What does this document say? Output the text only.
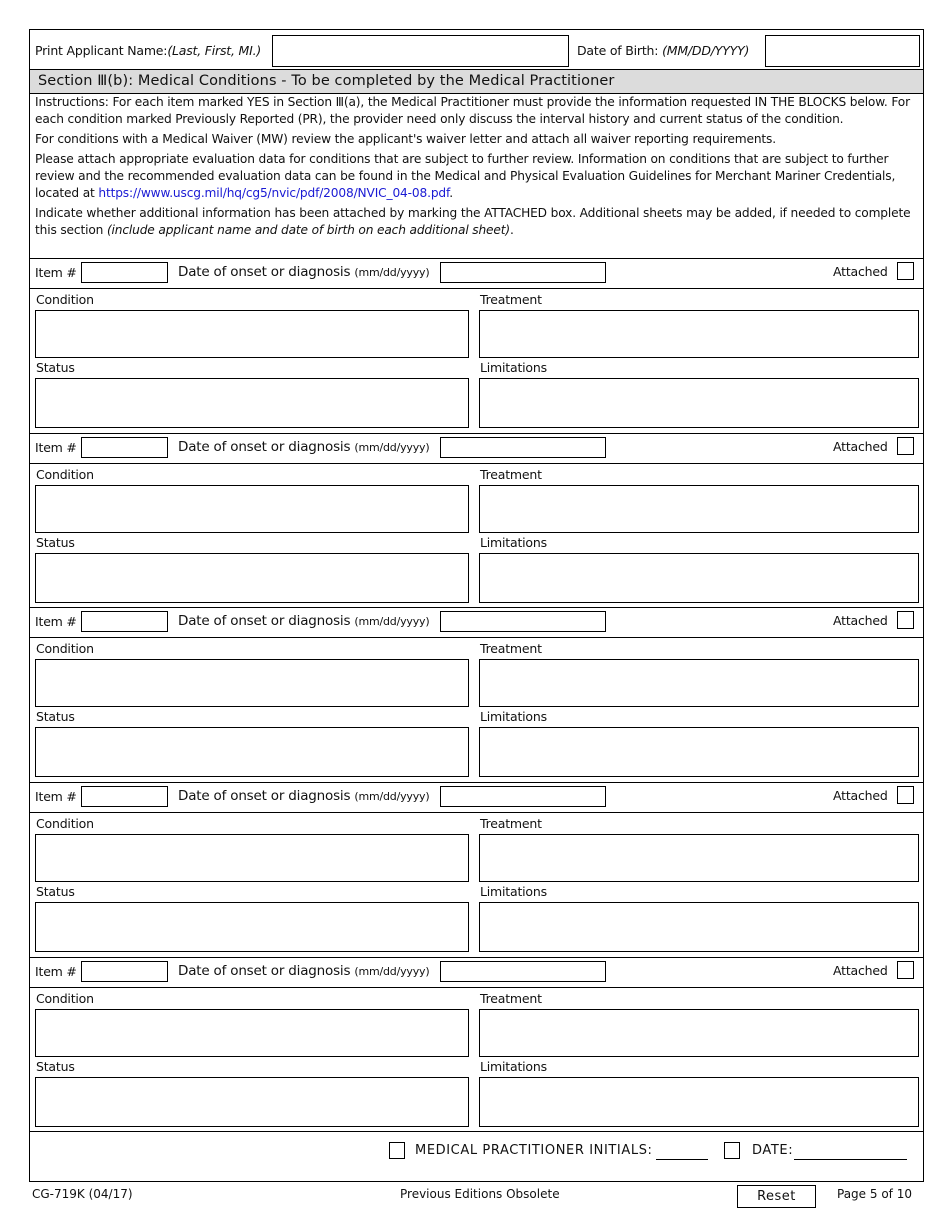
Print Applicant Name:(Last, First, MI.)	Date of Birth: (MM/DD/YYYY)
Section Ⅲ(b): Medical Conditions - To be completed by the Medical Practitioner

Instructions: For each item marked YES in Section Ⅲ(a), the Medical Practitioner must provide the information requested IN THE BLOCKS below. For each condition marked Previously Reported (PR), the provider need only discuss the interval history and current status of the condition.

For conditions with a Medical Waiver (MW) review the applicant's waiver letter and attach all waiver reporting requirements.

Please attach appropriate evaluation data for conditions that are subject to further review. Information on conditions that are subject to further review and the recommended evaluation data can be found in the Medical and Physical Evaluation Guidelines for Merchant Mariner Credentials, located at https://www.uscg.mil/hq/cg5/nvic/pdf/2008/NVIC_04-08.pdf.

Indicate whether additional information has been attached by marking the ATTACHED box. Additional sheets may be added, if needed to complete this section (include applicant name and date of birth on each additional sheet).

Item #	Date of onset or diagnosis (mm/dd/yyyy)	Attached
Condition	Treatment
Status	Limitations
Item #	Date of onset or diagnosis (mm/dd/yyyy)	Attached
Condition	Treatment
Status	Limitations
Item #	Date of onset or diagnosis (mm/dd/yyyy)	Attached
Condition	Treatment
Status	Limitations
Item #	Date of onset or diagnosis (mm/dd/yyyy)	Attached
Condition	Treatment
Status	Limitations
Item #	Date of onset or diagnosis (mm/dd/yyyy)	Attached
Condition	Treatment
Status	Limitations
MEDICAL PRACTITIONER INITIALS:	DATE:
CG-719K (04/17)	Previous Editions Obsolete	Reset	Page 5 of 10
